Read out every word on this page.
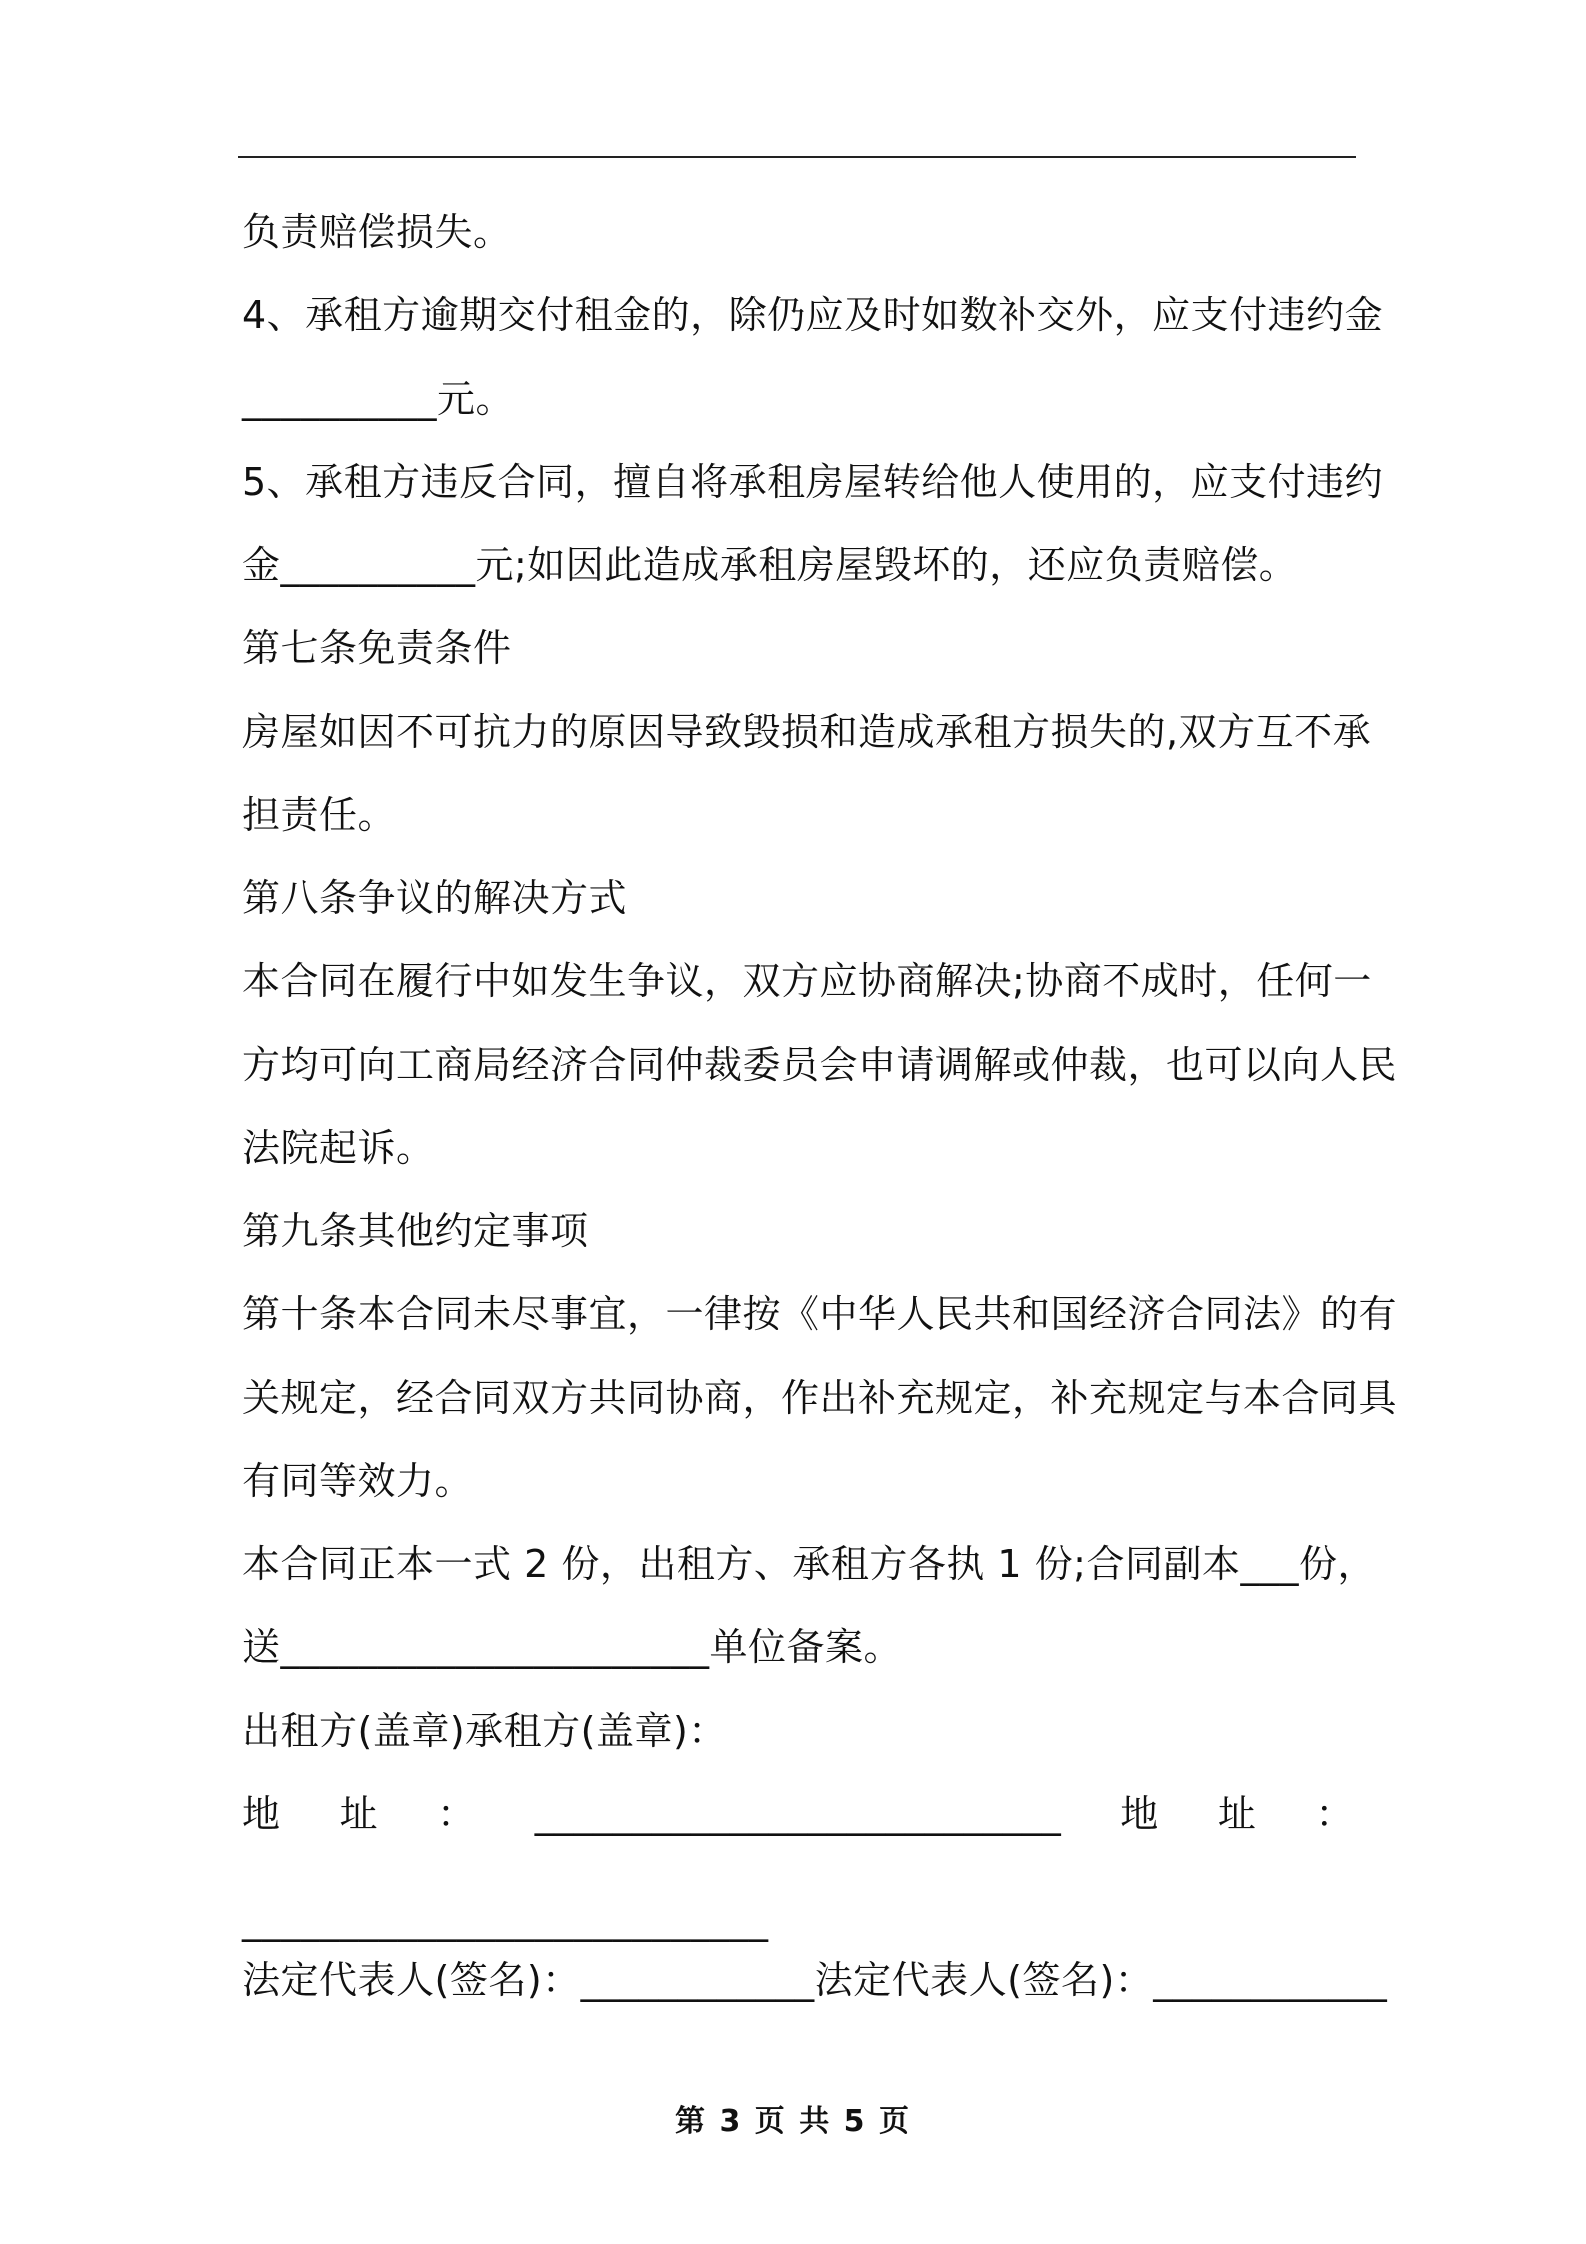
负责赔偿损失。
4、承租方逾期交付租金的，除仍应及时如数补交外，应支付违约金
__________元。
5、承租方违反合同，擅自将承租房屋转给他人使用的，应支付违约
金__________元;如因此造成承租房屋毁坏的，还应负责赔偿。
第七条免责条件
房屋如因不可抗力的原因导致毁损和造成承租方损失的,双方互不承
担责任。
第八条争议的解决方式
本合同在履行中如发生争议，双方应协商解决;协商不成时，任何一
方均可向工商局经济合同仲裁委员会申请调解或仲裁，也可以向人民
法院起诉。
第九条其他约定事项
第十条本合同未尽事宜，一律按《中华人民共和国经济合同法》的有
关规定，经合同双方共同协商，作出补充规定，补充规定与本合同具
有同等效力。
本合同正本一式 2 份，出租方、承租方各执 1 份;合同副本___份，
送______________________单位备案。
出租方(盖章)承租方(盖章)：
地 址 ： ___________________________ 地 址 ：
___________________________
法定代表人(签名)：____________法定代表人(签名)：____________
第 3 页 共 5 页
